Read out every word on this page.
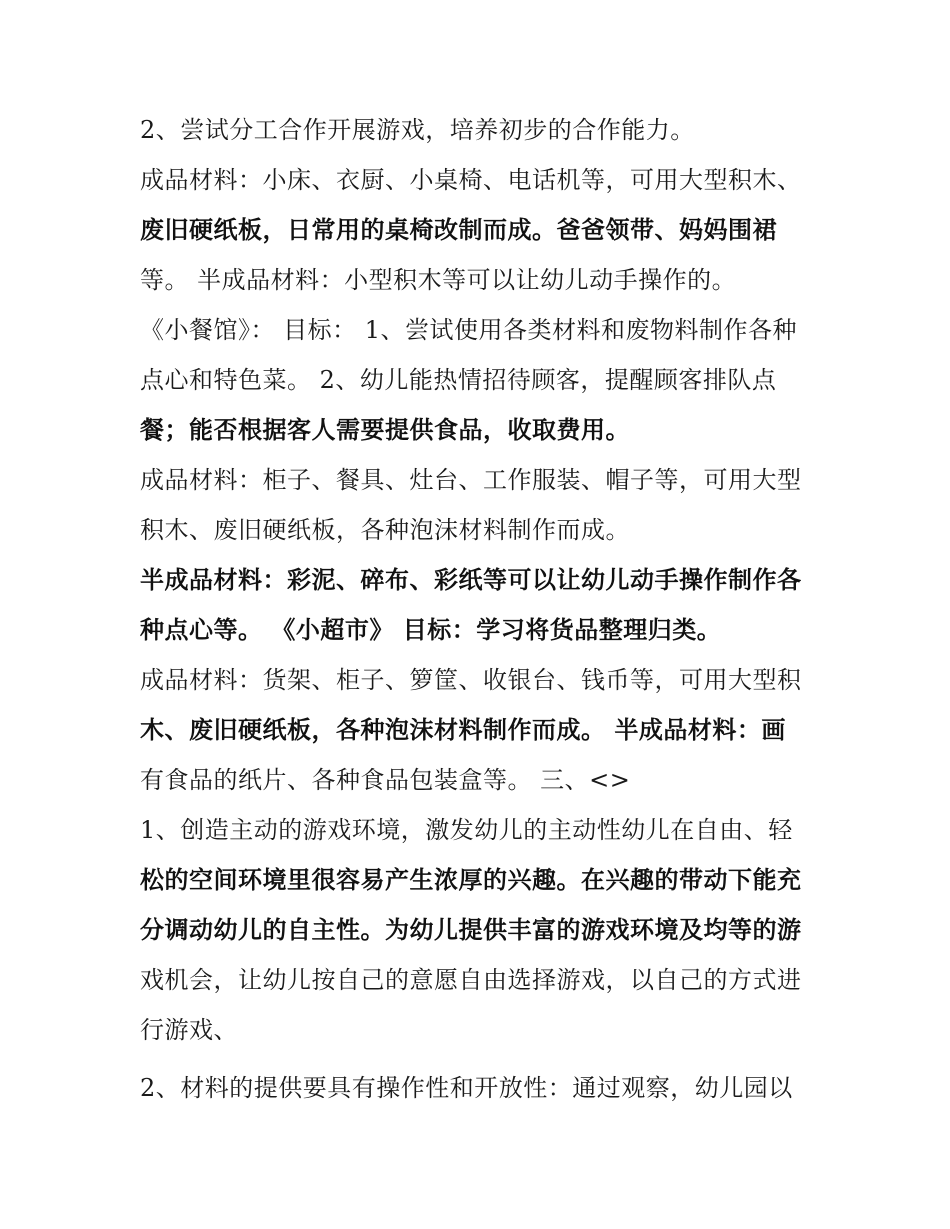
2、尝试分工合作开展游戏，培养初步的合作能力。
成品材料：小床、衣厨、小桌椅、电话机等，可用大型积木、
废旧硬纸板，日常用的桌椅改制而成。爸爸领带、妈妈围裙
等。 半成品材料：小型积木等可以让幼儿动手操作的。
《小餐馆》： 目标： 1、尝试使用各类材料和废物料制作各种
点心和特色菜。 2、幼儿能热情招待顾客，提醒顾客排队点
餐；能否根据客人需要提供食品，收取费用。
成品材料：柜子、餐具、灶台、工作服装、帽子等，可用大型
积木、废旧硬纸板，各种泡沫材料制作而成。
半成品材料：彩泥、碎布、彩纸等可以让幼儿动手操作制作各
种点心等。 《小超市》 目标：学习将货品整理归类。
成品材料：货架、柜子、箩筐、收银台、钱币等，可用大型积
木、废旧硬纸板，各种泡沫材料制作而成。 半成品材料：画
有食品的纸片、各种食品包装盒等。 三、<>
1、创造主动的游戏环境，激发幼儿的主动性幼儿在自由、轻
松的空间环境里很容易产生浓厚的兴趣。在兴趣的带动下能充
分调动幼儿的自主性。为幼儿提供丰富的游戏环境及均等的游
戏机会，让幼儿按自己的意愿自由选择游戏，以自己的方式进
行游戏、
2、材料的提供要具有操作性和开放性：通过观察，幼儿园以
